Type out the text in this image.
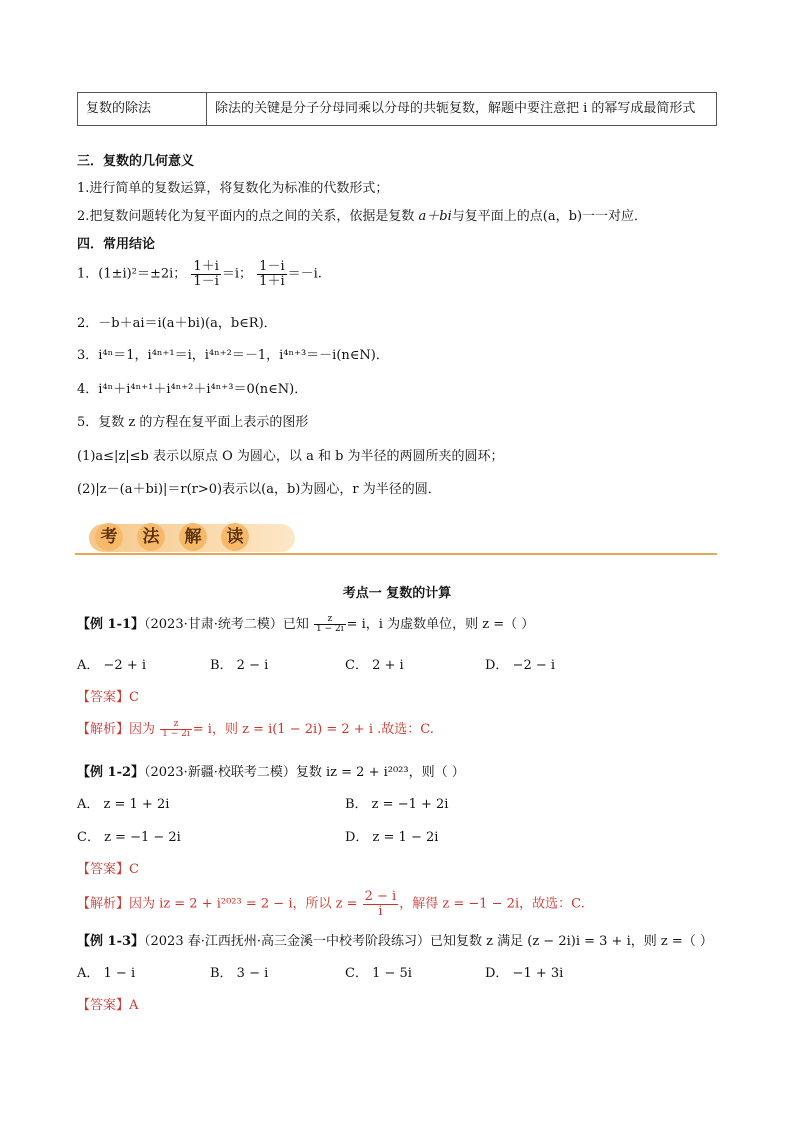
复数的除法	除法的关键是分子分母同乘以分母的共轭复数，解题中要注意把 i 的幂写成最简形式
三．复数的几何意义
1.进行简单的复数运算，将复数化为标准的代数形式；
2.把复数问题转化为复平面内的点之间的关系，依据是复数 a＋bi与复平面上的点(a，b)一一对应．
四．常用结论
1．(1±i)²＝±2i； $\frac{1+i}{1-i} =i$； $\frac{1-i}{1+i} =-i$.
2．－b＋ai＝i(a＋bi)(a，b∈R)．
3．i⁴ⁿ＝1，i⁴ⁿ⁺¹＝i，i⁴ⁿ⁺²＝－1，i⁴ⁿ⁺³＝－i(n∈N)．
4．i⁴ⁿ＋i⁴ⁿ⁺¹＋i⁴ⁿ⁺²＋i⁴ⁿ⁺³＝0(n∈N)．
5．复数 z 的方程在复平面上表示的图形
(1)a≤|z|≤b 表示以原点 O 为圆心，以 a 和 b 为半径的两圆所夹的圆环；
(2)|z－(a＋bi)|＝r(r>0)表示以(a，b)为圆心，r 为半径的圆．
考	法	解	读
考点一 复数的计算
【例 1-1】（2023·甘肃·统考二模）已知 $\frac{z}{1 - 2i} = i$，i 为虚数单位，则 z =（ ）
A． −2 + i	B． 2 − i	C． 2 + i	D． −2 − i
【答案】C
【解析】因为 $\frac{z}{1 - 2i} = i$，则 z = i(1 − 2i) = 2 + i .故选：C.
【例 1-2】（2023·新疆·校联考二模）复数 iz = 2 + i²⁰²³，则（ ）
A． z = 1 + 2i	B． z = −1 + 2i
C． z = −1 − 2i	D． z = 1 − 2i
【答案】C
【解析】因为 iz = 2 + i²⁰²³ = 2 − i，所以 $z = \frac{2 - i}{i}$ ，解得 z = −1 − 2i，故选：C.
【例 1-3】（2023 春·江西抚州·高三金溪一中校考阶段练习）已知复数 z 满足 (z − 2i)i = 3 + i，则 z =（ ）
A． 1 − i	B． 3 − i	C． 1 − 5i	D． −1 + 3i
【答案】A
